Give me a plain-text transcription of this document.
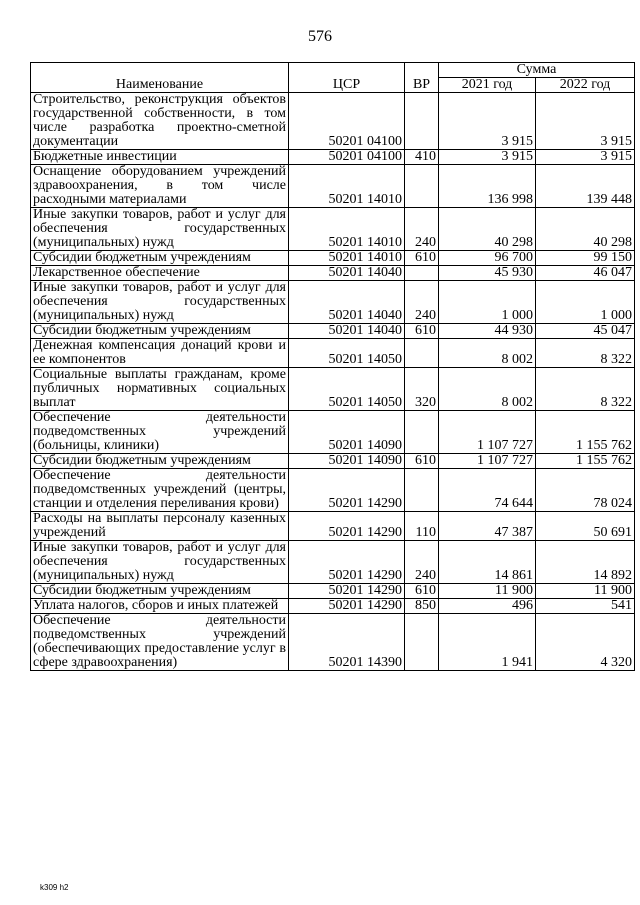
576
Наименование	ЦСР	ВР	Сумма	
			2021 год	2022 год
Строительство, реконструкция объектов государственной собственности, в том числе разработка проектно-сметной документации	50201 04100		3 915	3 915
Бюджетные инвестиции	50201 04100	410	3 915	3 915
Оснащение оборудованием учреждений здравоохранения, в том числе расходными материалами	50201 14010		136 998	139 448
Иные закупки товаров, работ и услуг для обеспечения государственных (муниципальных) нужд	50201 14010	240	40 298	40 298
Субсидии бюджетным учреждениям	50201 14010	610	96 700	99 150
Лекарственное обеспечение	50201 14040		45 930	46 047
Иные закупки товаров, работ и услуг для обеспечения государственных (муниципальных) нужд	50201 14040	240	1 000	1 000
Субсидии бюджетным учреждениям	50201 14040	610	44 930	45 047
Денежная компенсация донаций крови и ее компонентов	50201 14050		8 002	8 322
Социальные выплаты гражданам, кроме публичных нормативных социальных выплат	50201 14050	320	8 002	8 322
Обеспечение деятельности подведомственных учреждений (больницы, клиники)	50201 14090		1 107 727	1 155 762
Субсидии бюджетным учреждениям	50201 14090	610	1 107 727	1 155 762
Обеспечение деятельности подведомственных учреждений (центры, станции и отделения переливания крови)	50201 14290		74 644	78 024
Расходы на выплаты персоналу казенных учреждений	50201 14290	110	47 387	50 691
Иные закупки товаров, работ и услуг для обеспечения государственных (муниципальных) нужд	50201 14290	240	14 861	14 892
Субсидии бюджетным учреждениям	50201 14290	610	11 900	11 900
Уплата налогов, сборов и иных платежей	50201 14290	850	496	541
Обеспечение деятельности подведомственных учреждений (обеспечивающих предоставление услуг в сфере здравоохранения)	50201 14390		1 941	4 320
k309 h2
